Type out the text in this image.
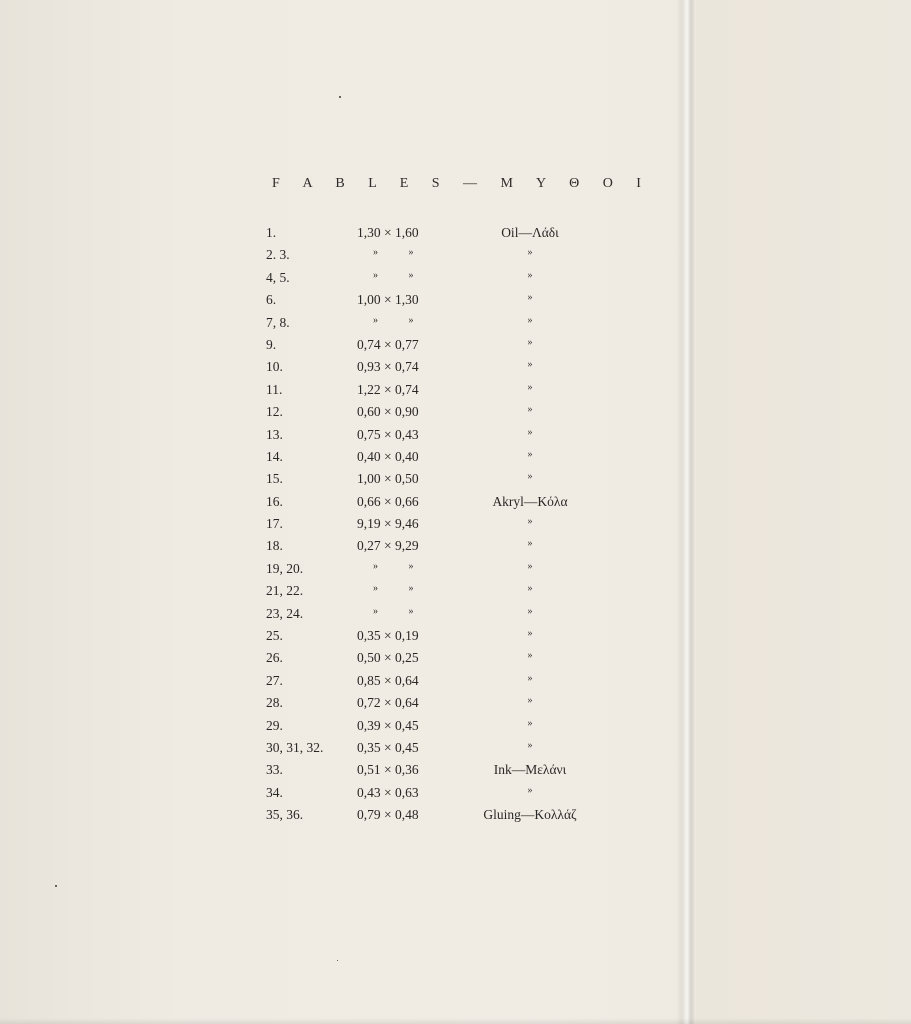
F A B L E S — Μ Υ Θ Ο Ι
1.	1,30 × 1,60	Oil—Λάδι
2. 3.	» »	»
4, 5.	» »	»
6.	1,00 × 1,30	»
7, 8.	» »	»
9.	0,74 × 0,77	»
10.	0,93 × 0,74	»
11.	1,22 × 0,74	»
12.	0,60 × 0,90	»
13.	0,75 × 0,43	»
14.	0,40 × 0,40	»
15.	1,00 × 0,50	»
16.	0,66 × 0,66	Akryl—Κόλα
17.	9,19 × 9,46	»
18.	0,27 × 9,29	»
19, 20.	» »	»
21, 22.	» »	»
23, 24.	» »	»
25.	0,35 × 0,19	»
26.	0,50 × 0,25	»
27.	0,85 × 0,64	»
28.	0,72 × 0,64	»
29.	0,39 × 0,45	»
30, 31, 32.	0,35 × 0,45	»
33.	0,51 × 0,36	Ink—Μελάνι
34.	0,43 × 0,63	»
35, 36.	0,79 × 0,48	Gluing—Κολλάζ
